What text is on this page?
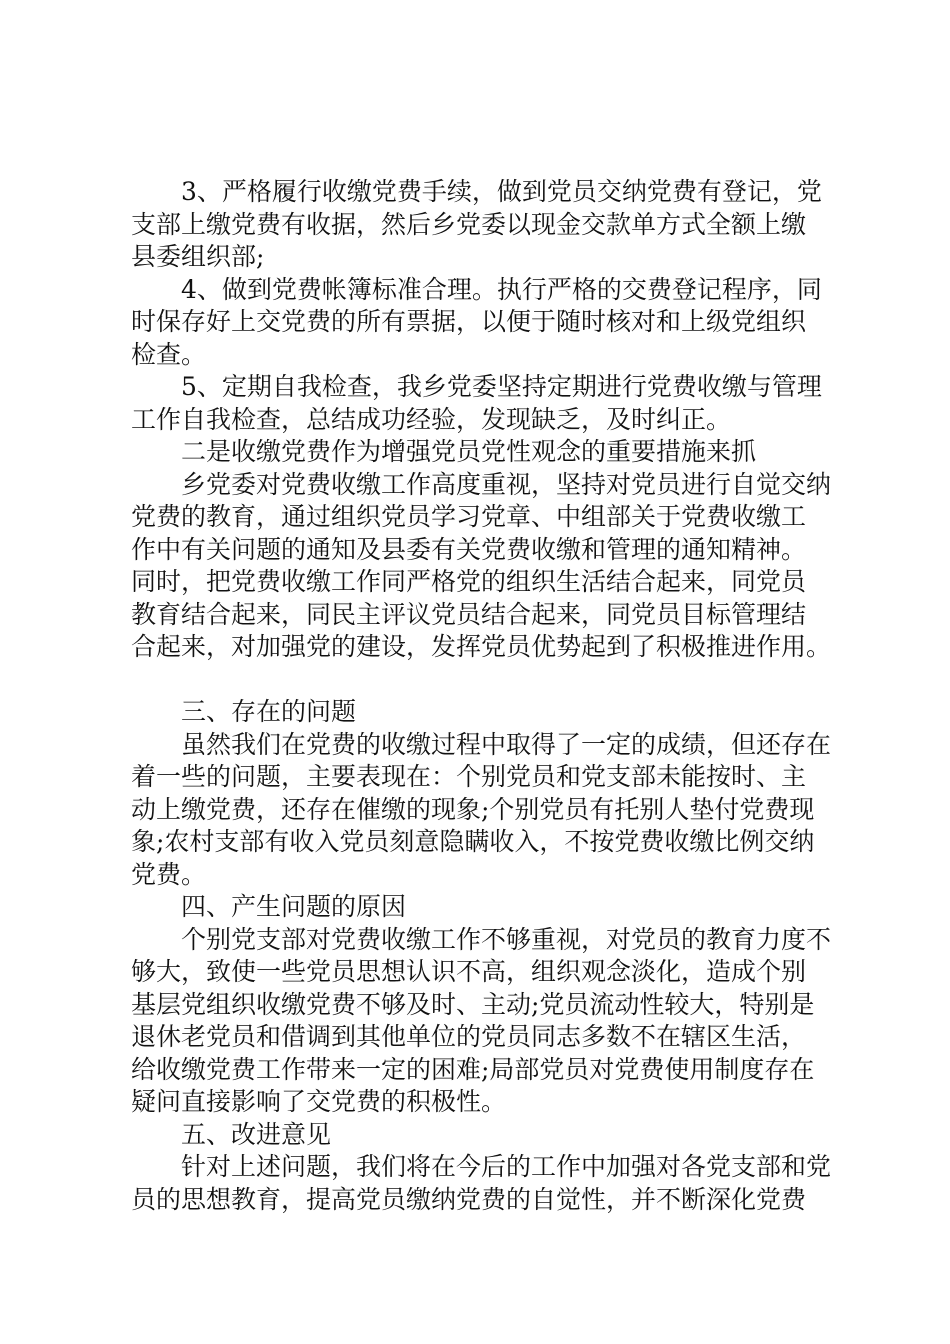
3、严格履行收缴党费手续，做到党员交纳党费有登记，党
支部上缴党费有收据，然后乡党委以现金交款单方式全额上缴
县委组织部;
4、做到党费帐簿标准合理。执行严格的交费登记程序，同
时保存好上交党费的所有票据，以便于随时核对和上级党组织
检查。
5、定期自我检查，我乡党委坚持定期进行党费收缴与管理
工作自我检查，总结成功经验，发现缺乏，及时纠正。
二是收缴党费作为增强党员党性观念的重要措施来抓
乡党委对党费收缴工作高度重视，坚持对党员进行自觉交纳
党费的教育，通过组织党员学习党章、中组部关于党费收缴工
作中有关问题的通知及县委有关党费收缴和管理的通知精神。
同时，把党费收缴工作同严格党的组织生活结合起来，同党员
教育结合起来，同民主评议党员结合起来，同党员目标管理结
合起来，对加强党的建设，发挥党员优势起到了积极推进作用。
三、存在的问题
虽然我们在党费的收缴过程中取得了一定的成绩，但还存在
着一些的问题，主要表现在：个别党员和党支部未能按时、主
动上缴党费，还存在催缴的现象;个别党员有托别人垫付党费现
象;农村支部有收入党员刻意隐瞒收入，不按党费收缴比例交纳
党费。
四、产生问题的原因
个别党支部对党费收缴工作不够重视，对党员的教育力度不
够大，致使一些党员思想认识不高，组织观念淡化，造成个别
基层党组织收缴党费不够及时、主动;党员流动性较大，特别是
退休老党员和借调到其他单位的党员同志多数不在辖区生活，
给收缴党费工作带来一定的困难;局部党员对党费使用制度存在
疑问直接影响了交党费的积极性。
五、改进意见
针对上述问题，我们将在今后的工作中加强对各党支部和党
员的思想教育，提高党员缴纳党费的自觉性，并不断深化党费
